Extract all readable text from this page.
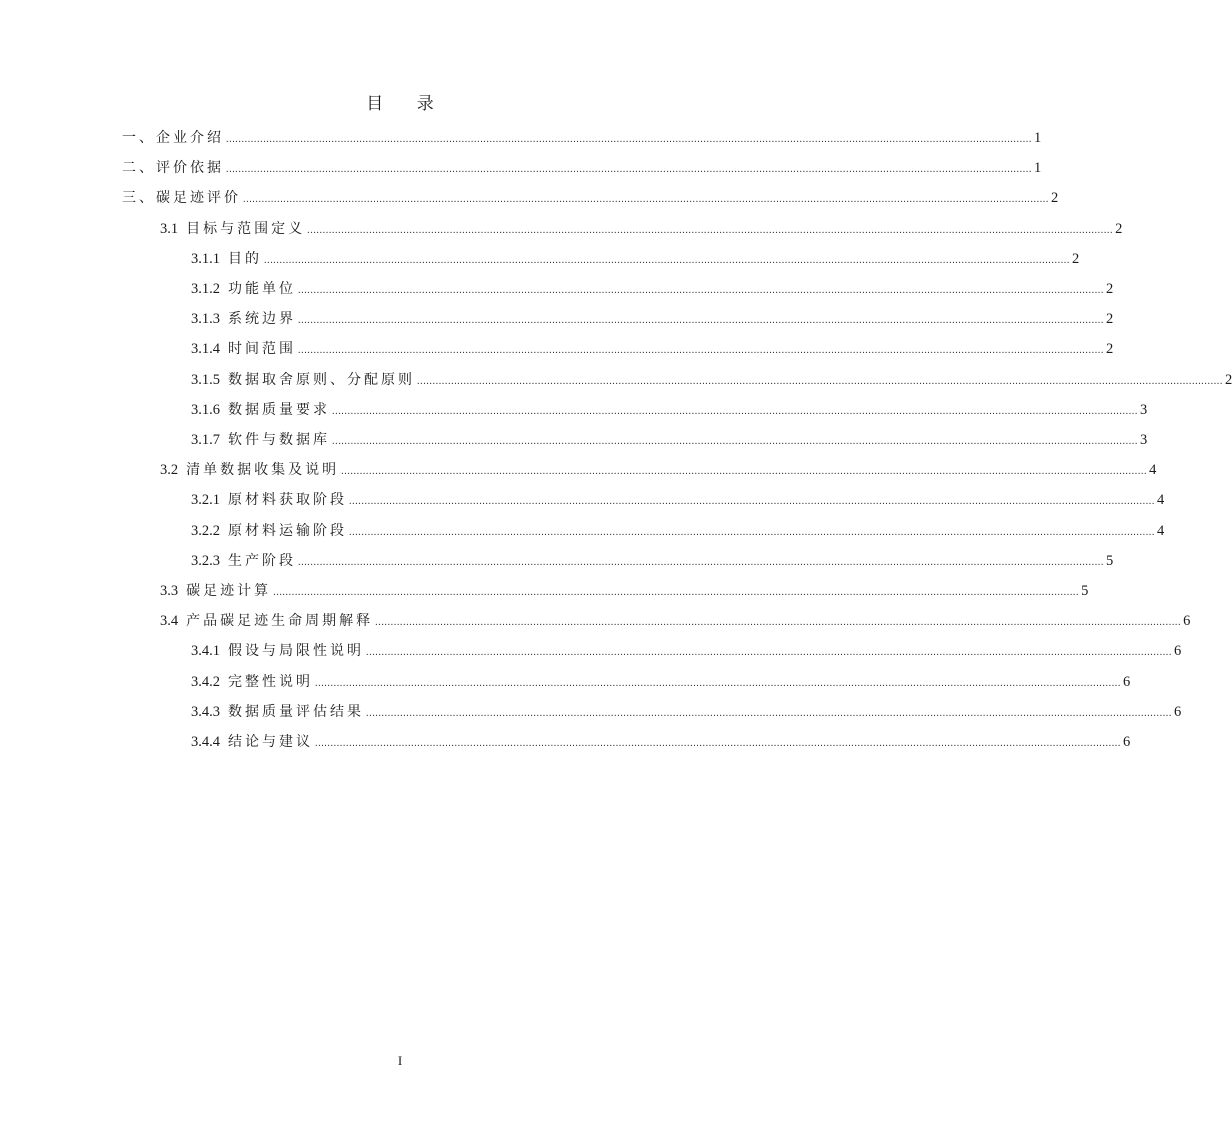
目 录
一、企业介绍 .................................................................................................................................................................................................................................................................... 1
二、评价依据 .................................................................................................................................................................................................................................................................... 1
三、碳足迹评价 .................................................................................................................................................................................................................................................................... 2
3.1 目标与范围定义 .................................................................................................................................................................................................................................................................... 2
3.1.1 目的 .................................................................................................................................................................................................................................................................... 2
3.1.2 功能单位 .................................................................................................................................................................................................................................................................... 2
3.1.3 系统边界 .................................................................................................................................................................................................................................................................... 2
3.1.4 时间范围 .................................................................................................................................................................................................................................................................... 2
3.1.5 数据取舍原则、分配原则 .................................................................................................................................................................................................................................................................... 2
3.1.6 数据质量要求 .................................................................................................................................................................................................................................................................... 3
3.1.7 软件与数据库 .................................................................................................................................................................................................................................................................... 3
3.2 清单数据收集及说明 .................................................................................................................................................................................................................................................................... 4
3.2.1 原材料获取阶段 .................................................................................................................................................................................................................................................................... 4
3.2.2 原材料运输阶段 .................................................................................................................................................................................................................................................................... 4
3.2.3 生产阶段 .................................................................................................................................................................................................................................................................... 5
3.3 碳足迹计算 .................................................................................................................................................................................................................................................................... 5
3.4 产品碳足迹生命周期解释 .................................................................................................................................................................................................................................................................... 6
3.4.1 假设与局限性说明 .................................................................................................................................................................................................................................................................... 6
3.4.2 完整性说明 .................................................................................................................................................................................................................................................................... 6
3.4.3 数据质量评估结果 .................................................................................................................................................................................................................................................................... 6
3.4.4 结论与建议 .................................................................................................................................................................................................................................................................... 6
I
